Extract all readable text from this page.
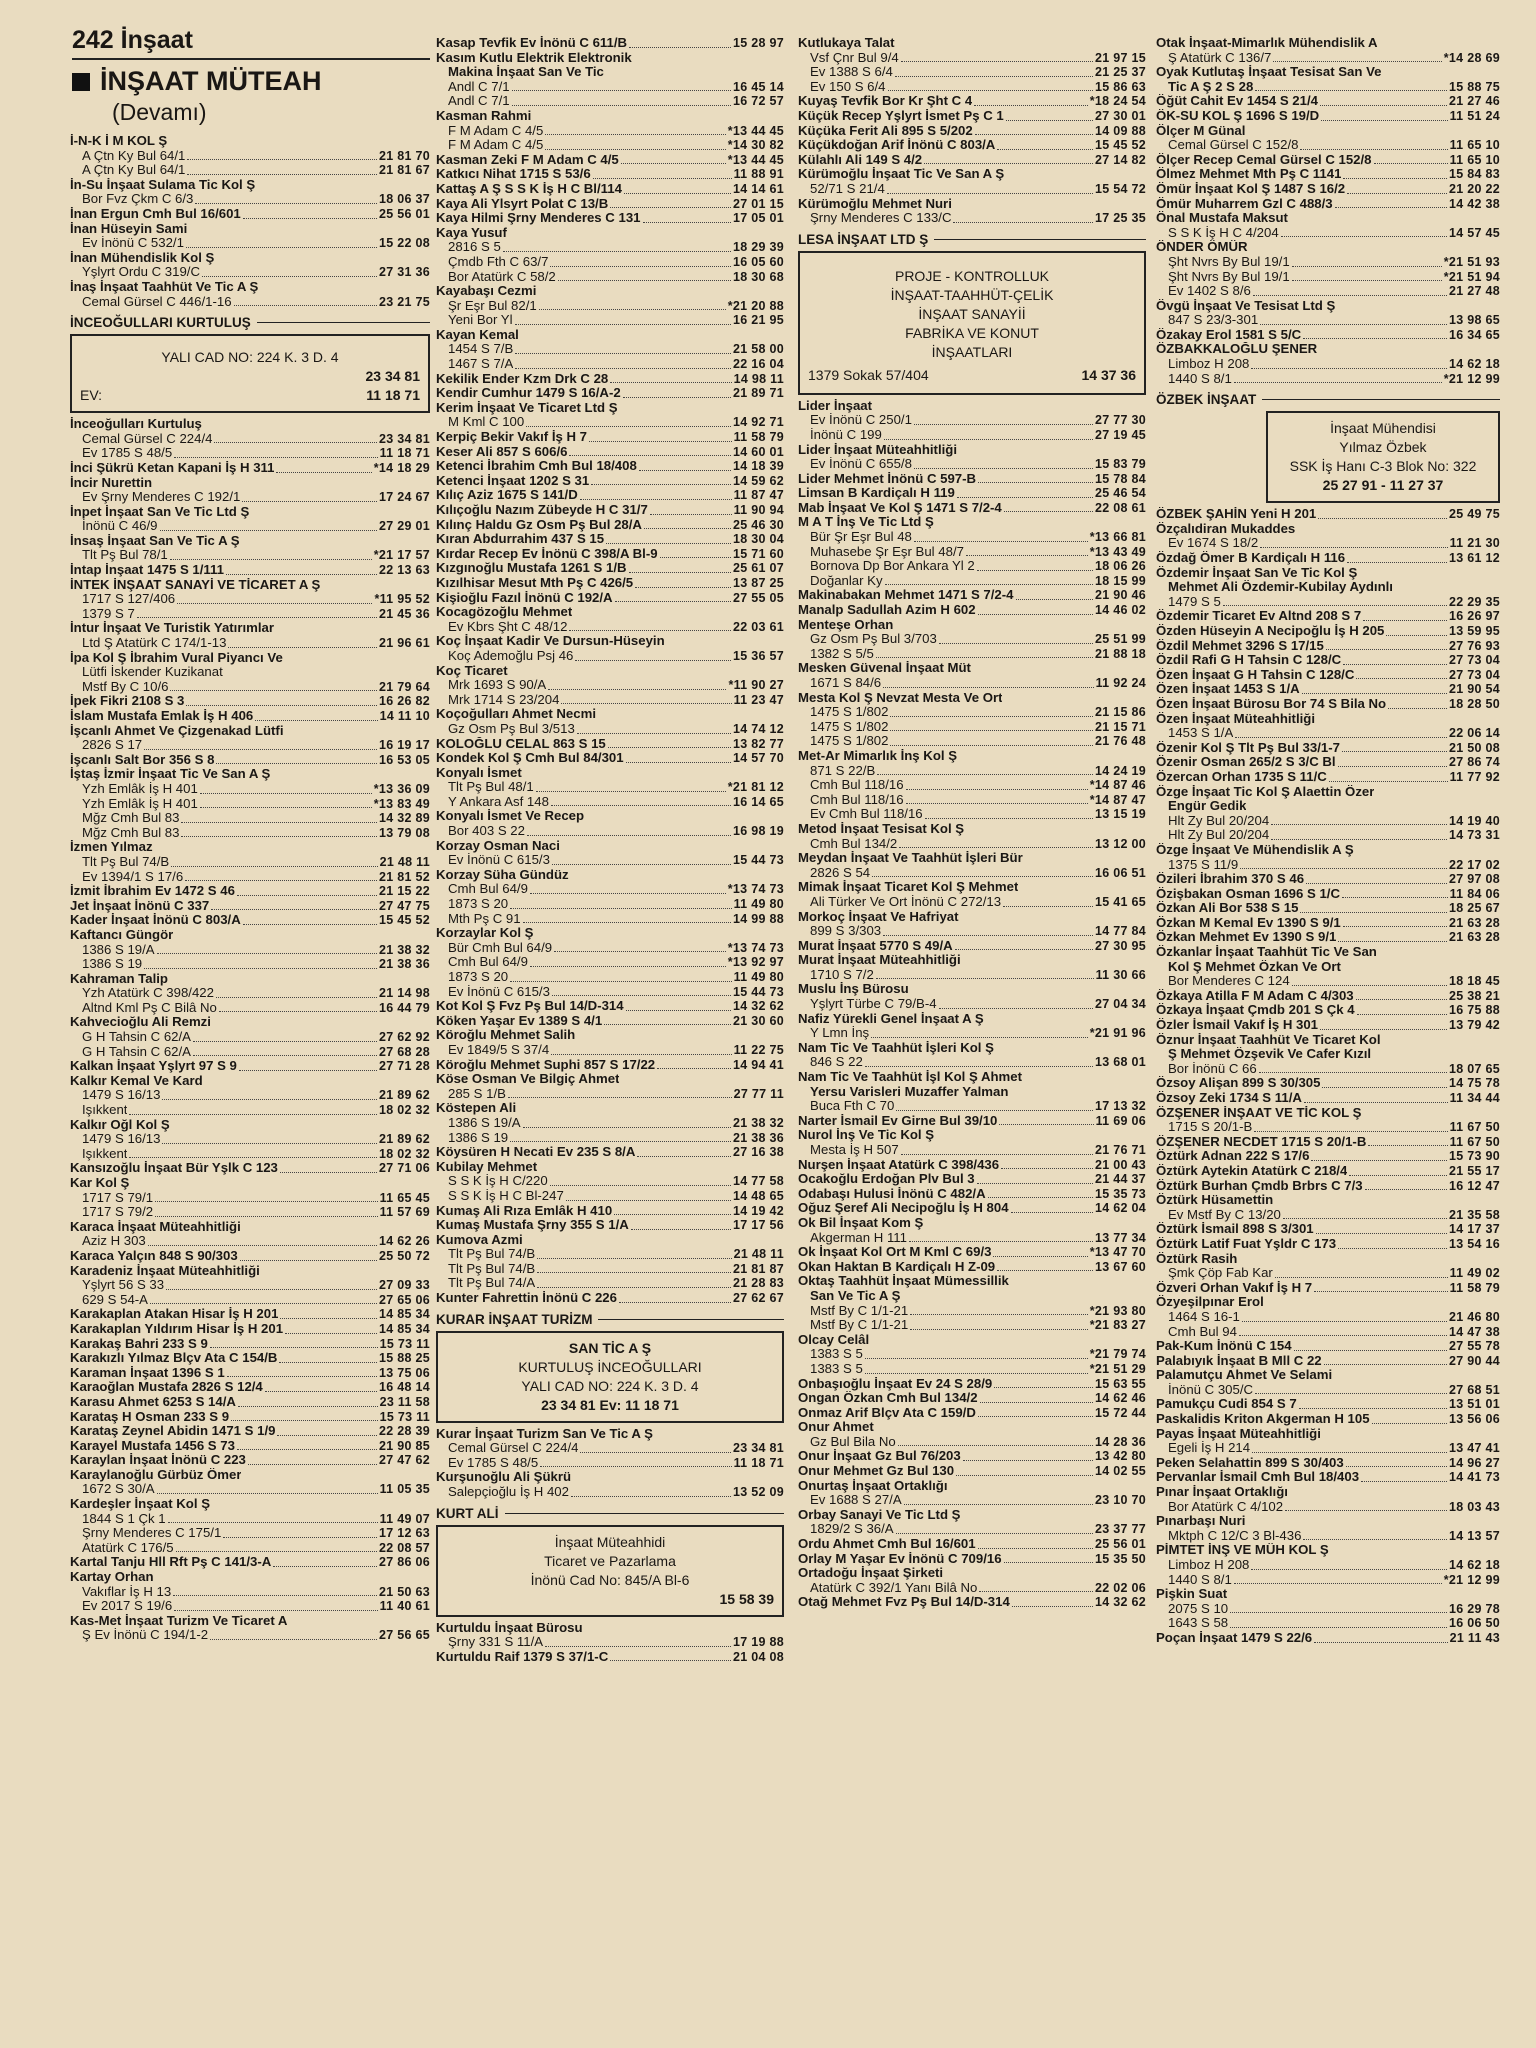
242 İnşaat
İNŞAAT MÜTEAH
(Devamı)
İ-N-K İ M KOL Ş
A Çtn Ky Bul 64/1	21 81 70
A Çtn Ky Bul 64/1	21 81 67
İn-Su İnşaat Sulama Tic Kol Ş
Bor Fvz Çkm C 6/3	18 06 37
İnan Ergun Cmh Bul 16/601	25 56 01
İnan Hüseyin Sami
Ev İnönü C 532/1	15 22 08
İnan Mühendislik Kol Ş
Yşlyrt Ordu C 319/C	27 31 36
İnaş İnşaat Taahhüt Ve Tic A Ş
Cemal Gürsel C 446/1-16	23 21 75
İNCEOĞULLARI KURTULUŞ
YALI CAD NO: 224 K. 3 D. 4
23 34 81
EV:	11 18 71
İnceoğulları Kurtuluş
Cemal Gürsel C 224/4	23 34 81
Ev 1785 S 48/5	11 18 71
İnci Şükrü Ketan Kapani İş H 311	*14 18 29
İncir Nurettin
Ev Şrny Menderes C 192/1	17 24 67
İnpet İnşaat San Ve Tic Ltd Ş
İnönü C 46/9	27 29 01
İnsaş İnşaat San Ve Tic A Ş
Tlt Pş Bul 78/1	*21 17 57
İntap İnşaat 1475 S 1/111	22 13 63
İNTEK İNŞAAT SANAYİ VE TİCARET A Ş
1717 S 127/406	*11 95 52
1379 S 7	21 45 36
İntur İnşaat Ve Turistik Yatırımlar
Ltd Ş Atatürk C 174/1-13	21 96 61
İpa Kol Ş İbrahim Vural Piyancı Ve
Lütfi İskender Kuzikanat
Mstf By C 10/6	21 79 64
İpek Fikri 2108 S 3	16 26 82
İslam Mustafa Emlak İş H 406	14 11 10
İşcanlı Ahmet Ve Çizgenakad Lütfi
2826 S 17	16 19 17
İşcanlı Salt Bor 356 S 8	16 53 05
İştaş İzmir İnşaat Tic Ve San A Ş
Yzh Emlâk İş H 401	*13 36 09
Yzh Emlâk İş H 401	*13 83 49
Mğz Cmh Bul 83	14 32 89
Mğz Cmh Bul 83	13 79 08
İzmen Yılmaz
Tlt Pş Bul 74/B	21 48 11
Ev 1394/1 S 17/6	21 81 52
İzmit İbrahim Ev 1472 S 46	21 15 22
Jet İnşaat İnönü C 337	27 47 75
Kader İnşaat İnönü C 803/A	15 45 52
Kaftancı Güngör
1386 S 19/A	21 38 32
1386 S 19	21 38 36
Kahraman Talip
Yzh Atatürk C 398/422	21 14 98
Altnd Kml Pş C Bilâ No	16 44 79
Kahvecioğlu Ali Remzi
G H Tahsin C 62/A	27 62 92
G H Tahsin C 62/A	27 68 28
Kalkan İnşaat Yşlyrt 97 S 9	27 71 28
Kalkır Kemal Ve Kard
1479 S 16/13	21 89 62
Işıkkent	18 02 32
Kalkır Oğl Kol Ş
1479 S 16/13	21 89 62
Işıkkent	18 02 32
Kansızoğlu İnşaat Bür Yşlk C 123	27 71 06
Kar Kol Ş
1717 S 79/1	11 65 45
1717 S 79/2	11 57 69
Karaca İnşaat Müteahhitliği
Aziz H 303	14 62 26
Karaca Yalçın 848 S 90/303	25 50 72
Karadeniz İnşaat Müteahhitliği
Yşlyrt 56 S 33	27 09 33
629 S 54-A	27 65 06
Karakaplan Atakan Hisar İş H 201	14 85 34
Karakaplan Yıldırım Hisar İş H 201	14 85 34
Karakaş Bahri 233 S 9	15 73 11
Karakızlı Yılmaz Blçv Ata C 154/B	15 88 25
Karaman İnşaat 1396 S 1	13 75 06
Karaoğlan Mustafa 2826 S 12/4	16 48 14
Karasu Ahmet 6253 S 14/A	23 11 58
Karataş H Osman 233 S 9	15 73 11
Karataş Zeynel Abidin 1471 S 1/9	22 28 39
Karayel Mustafa 1456 S 73	21 90 85
Karaylan İnşaat İnönü C 223	27 47 62
Karaylanoğlu Gürbüz Ömer
1672 S 30/A	11 05 35
Kardeşler İnşaat Kol Ş
1844 S 1 Çk 1	11 49 07
Şrny Menderes C 175/1	17 12 63
Atatürk C 176/5	22 08 57
Kartal Tanju Hll Rft Pş C 141/3-A	27 86 06
Kartay Orhan
Vakıflar İş H 13	21 50 63
Ev 2017 S 19/6	11 40 61
Kas-Met İnşaat Turizm Ve Ticaret A
Ş Ev İnönü C 194/1-2	27 56 65
Kasap Tevfik Ev İnönü C 611/B	15 28 97
Kasım Kutlu Elektrik Elektronik
Makina İnşaat San Ve Tic
Andl C 7/1	16 45 14
Andl C 7/1	16 72 57
Kasman Rahmi
F M Adam C 4/5	*13 44 45
F M Adam C 4/5	*14 30 82
Kasman Zeki F M Adam C 4/5	*13 44 45
Katkıcı Nihat 1715 S 53/6	11 88 91
Kattaş A Ş S S K İş H C Bl/114	14 14 61
Kaya Ali Ylsyrt Polat C 13/B	27 01 15
Kaya Hilmi Şrny Menderes C 131	17 05 01
Kaya Yusuf
2816 S 5	18 29 39
Çmdb Fth C 63/7	16 05 60
Bor Atatürk C 58/2	18 30 68
Kayabaşı Cezmi
Şr Eşr Bul 82/1	*21 20 88
Yeni Bor Yl	16 21 95
Kayan Kemal
1454 S 7/B	21 58 00
1467 S 7/A	22 16 04
Kekilik Ender Kzm Drk C 28	14 98 11
Kendir Cumhur 1479 S 16/A-2	21 89 71
Kerim İnşaat Ve Ticaret Ltd Ş
M Kml C 100	14 92 71
Kerpiç Bekir Vakıf İş H 7	11 58 79
Keser Ali 857 S 606/6	14 60 01
Ketenci İbrahim Cmh Bul 18/408	14 18 39
Ketenci İnşaat 1202 S 31	14 59 62
Kılıç Aziz 1675 S 141/D	11 87 47
Kılıçoğlu Nazım Zübeyde H C 31/7	11 90 94
Kılınç Haldu Gz Osm Pş Bul 28/A	25 46 30
Kıran Abdurrahim 437 S 15	18 30 04
Kırdar Recep Ev İnönü C 398/A Bl-9	15 71 60
Kızgınoğlu Mustafa 1261 S 1/B	25 61 07
Kızılhisar Mesut Mth Pş C 426/5	13 87 25
Kişioğlu Fazıl İnönü C 192/A	27 55 05
Kocagözoğlu Mehmet
Ev Kbrs Şht C 48/12	22 03 61
Koç İnşaat Kadir Ve Dursun-Hüseyin
Koç Ademoğlu Psj 46	15 36 57
Koç Ticaret
Mrk 1693 S 90/A	*11 90 27
Mrk 1714 S 23/204	11 23 47
Koçoğulları Ahmet Necmi
Gz Osm Pş Bul 3/513	14 74 12
KOLOĞLU CELAL 863 S 15	13 82 77
Kondek Kol Ş Cmh Bul 84/301	14 57 70
Konyalı İsmet
Tlt Pş Bul 48/1	*21 81 12
Y Ankara Asf 148	16 14 65
Konyalı İsmet Ve Recep
Bor 403 S 22	16 98 19
Korzay Osman Naci
Ev İnönü C 615/3	15 44 73
Korzay Süha Gündüz
Cmh Bul 64/9	*13 74 73
1873 S 20	11 49 80
Mth Pş C 91	14 99 88
Korzaylar Kol Ş
Bür Cmh Bul 64/9	*13 74 73
Cmh Bul 64/9	*13 92 97
1873 S 20	11 49 80
Ev İnönü C 615/3	15 44 73
Kot Kol Ş Fvz Pş Bul 14/D-314	14 32 62
Köken Yaşar Ev 1389 S 4/1	21 30 60
Köroğlu Mehmet Salih
Ev 1849/5 S 37/4	11 22 75
Köroğlu Mehmet Suphi 857 S 17/22	14 94 41
Köse Osman Ve Bilgiç Ahmet
285 S 1/B	27 77 11
Köstepen Ali
1386 S 19/A	21 38 32
1386 S 19	21 38 36
Köysüren H Necati Ev 235 S 8/A	27 16 38
Kubilay Mehmet
S S K İş H C/220	14 77 58
S S K İş H C Bl-247	14 48 65
Kumaş Ali Rıza Emlâk H 410	14 19 42
Kumaş Mustafa Şrny 355 S 1/A	17 17 56
Kumova Azmi
Tlt Pş Bul 74/B	21 48 11
Tlt Pş Bul 74/B	21 81 87
Tlt Pş Bul 74/A	21 28 83
Kunter Fahrettin İnönü C 226	27 62 67
KURAR İNŞAAT TURİZM
SAN TİC A Ş
KURTULUŞ İNCEOĞULLARI
YALI CAD NO: 224 K. 3 D. 4
23 34 81 Ev: 11 18 71
Kurar İnşaat Turizm San Ve Tic A Ş
Cemal Gürsel C 224/4	23 34 81
Ev 1785 S 48/5	11 18 71
Kurşunoğlu Ali Şükrü
Salepçioğlu İş H 402	13 52 09
KURT ALİ
İnşaat Müteahhidi
Ticaret ve Pazarlama
İnönü Cad No: 845/A Bl-6
15 58 39
Kurtuldu İnşaat Bürosu
Şrny 331 S 11/A	17 19 88
Kurtuldu Raif 1379 S 37/1-C	21 04 08
Kutlukaya Talat
Vsf Çnr Bul 9/4	21 97 15
Ev 1388 S 6/4	21 25 37
Ev 150 S 6/4	15 86 63
Kuyaş Tevfik Bor Kr Şht C 4	*18 24 54
Küçük Recep Yşlyrt İsmet Pş C 1	27 30 01
Küçüka Ferit Ali 895 S 5/202	14 09 88
Küçükdoğan Arif İnönü C 803/A	15 45 52
Külahlı Ali 149 S 4/2	27 14 82
Kürümoğlu İnşaat Tic Ve San A Ş
52/71 S 21/4	15 54 72
Kürümoğlu Mehmet Nuri
Şrny Menderes C 133/C	17 25 35
LESA İNŞAAT LTD Ş
PROJE - KONTROLLUK
İNŞAAT-TAAHHÜT-ÇELİK
İNŞAAT SANAYİİ
FABRİKA VE KONUT
İNŞAATLARI
1379 Sokak 57/404	14 37 36
Lider İnşaat
Ev İnönü C 250/1	27 77 30
İnönü C 199	27 19 45
Lider İnşaat Müteahhitliği
Ev İnönü C 655/8	15 83 79
Lider Mehmet İnönü C 597-B	15 78 84
Limsan B Kardiçalı H 119	25 46 54
Mab İnşaat Ve Kol Ş 1471 S 7/2-4	22 08 61
M A T İnş Ve Tic Ltd Ş
Bür Şr Eşr Bul 48	*13 66 81
Muhasebe Şr Eşr Bul 48/7	*13 43 49
Bornova Dp Bor Ankara Yl 2	18 06 26
Doğanlar Ky	18 15 99
Makinabakan Mehmet 1471 S 7/2-4	21 90 46
Manalp Sadullah Azim H 602	14 46 02
Menteşe Orhan
Gz Osm Pş Bul 3/703	25 51 99
1382 S 5/5	21 88 18
Mesken Güvenal İnşaat Müt
1671 S 84/6	11 92 24
Mesta Kol Ş Nevzat Mesta Ve Ort
1475 S 1/802	21 15 86
1475 S 1/802	21 15 71
1475 S 1/802	21 76 48
Met-Ar Mimarlık İnş Kol Ş
871 S 22/B	14 24 19
Cmh Bul 118/16	*14 87 46
Cmh Bul 118/16	*14 87 47
Ev Cmh Bul 118/16	13 15 19
Metod İnşaat Tesisat Kol Ş
Cmh Bul 134/2	13 12 00
Meydan İnşaat Ve Taahhüt İşleri Bür
2826 S 54	16 06 51
Mimak İnşaat Ticaret Kol Ş Mehmet
Ali Türker Ve Ort İnönü C 272/13	15 41 65
Morkoç İnşaat Ve Hafriyat
899 S 3/303	14 77 84
Murat İnşaat 5770 S 49/A	27 30 95
Murat İnşaat Müteahhitliği
1710 S 7/2	11 30 66
Muslu İnş Bürosu
Yşlyrt Türbe C 79/B-4	27 04 34
Nafiz Yürekli Genel İnşaat A Ş
Y Lmn İnş	*21 91 96
Nam Tic Ve Taahhüt İşleri Kol Ş
846 S 22	13 68 01
Nam Tic Ve Taahhüt İşl Kol Ş Ahmet
Yersu Varisleri Muzaffer Yalman
Buca Fth C 70	17 13 32
Narter İsmail Ev Girne Bul 39/10	11 69 06
Nurol İnş Ve Tic Kol Ş
Mesta İş H 507	21 76 71
Nurşen İnşaat Atatürk C 398/436	21 00 43
Ocakoğlu Erdoğan Plv Bul 3	21 44 37
Odabaşı Hulusi İnönü C 482/A	15 35 73
Oğuz Şeref Ali Necipoğlu İş H 804	14 62 04
Ok Bil İnşaat Kom Ş
Akgerman H 111	13 77 34
Ok İnşaat Kol Ort M Kml C 69/3	*13 47 70
Okan Haktan B Kardiçalı H Z-09	13 67 60
Oktaş Taahhüt İnşaat Mümessillik
San Ve Tic A Ş
Mstf By C 1/1-21	*21 93 80
Mstf By C 1/1-21	*21 83 27
Olcay Celâl
1383 S 5	*21 79 74
1383 S 5	*21 51 29
Onbaşıoğlu İnşaat Ev 24 S 28/9	15 63 55
Ongan Özkan Cmh Bul 134/2	14 62 46
Onmaz Arif Blçv Ata C 159/D	15 72 44
Onur Ahmet
Gz Bul Bila No	14 28 36
Onur İnşaat Gz Bul 76/203	13 42 80
Onur Mehmet Gz Bul 130	14 02 55
Onurtaş İnşaat Ortaklığı
Ev 1688 S 27/A	23 10 70
Orbay Sanayi Ve Tic Ltd Ş
1829/2 S 36/A	23 37 77
Ordu Ahmet Cmh Bul 16/601	25 56 01
Orlay M Yaşar Ev İnönü C 709/16	15 35 50
Ortadoğu İnşaat Şirketi
Atatürk C 392/1 Yanı Bilâ No	22 02 06
Otağ Mehmet Fvz Pş Bul 14/D-314	14 32 62
Otak İnşaat-Mimarlık Mühendislik A
Ş Atatürk C 136/7	*14 28 69
Oyak Kutlutaş İnşaat Tesisat San Ve
Tic A Ş 2 S 28	15 88 75
Öğüt Cahit Ev 1454 S 21/4	21 27 46
ÖK-SU KOL Ş 1696 S 19/D	11 51 24
Ölçer M Günal
Cemal Gürsel C 152/8	11 65 10
Ölçer Recep Cemal Gürsel C 152/8	11 65 10
Ölmez Mehmet Mth Pş C 1141	15 84 83
Ömür İnşaat Kol Ş 1487 S 16/2	21 20 22
Ömür Muharrem Gzl C 488/3	14 42 38
Önal Mustafa Maksut
S S K İş H C 4/204	14 57 45
ÖNDER ÖMÜR
Şht Nvrs By Bul 19/1	*21 51 93
Şht Nvrs By Bul 19/1	*21 51 94
Ev 1402 S 8/6	21 27 48
Övgü İnşaat Ve Tesisat Ltd Ş
847 S 23/3-301	13 98 65
Özakay Erol 1581 S 5/C	16 34 65
ÖZBAKKALOĞLU ŞENER
Limboz H 208	14 62 18
1440 S 8/1	*21 12 99
ÖZBEK İNŞAAT
İnşaat Mühendisi
Yılmaz Özbek
SSK İş Hanı C-3 Blok No: 322
25 27 91 - 11 27 37
ÖZBEK ŞAHİN Yeni H 201	25 49 75
Özçalıdiran Mukaddes
Ev 1674 S 18/2	11 21 30
Özdağ Ömer B Kardiçalı H 116	13 61 12
Özdemir İnşaat San Ve Tic Kol Ş
Mehmet Ali Özdemir-Kubilay Aydınlı
1479 S 5	22 29 35
Özdemir Ticaret Ev Altnd 208 S 7	16 26 97
Özden Hüseyin A Necipoğlu İş H 205	13 59 95
Özdil Mehmet 3296 S 17/15	27 76 93
Özdil Rafi G H Tahsin C 128/C	27 73 04
Özen İnşaat G H Tahsin C 128/C	27 73 04
Özen İnşaat 1453 S 1/A	21 90 54
Özen İnşaat Bürosu Bor 74 S Bila No	18 28 50
Özen İnşaat Müteahhitliği
1453 S 1/A	22 06 14
Özenir Kol Ş Tlt Pş Bul 33/1-7	21 50 08
Özenir Osman 265/2 S 3/C Bl	27 86 74
Özercan Orhan 1735 S 11/C	11 77 92
Özge İnşaat Tic Kol Ş Alaettin Özer
Engür Gedik
Hlt Zy Bul 20/204	14 19 40
Hlt Zy Bul 20/204	14 73 31
Özge İnşaat Ve Mühendislik A Ş
1375 S 11/9	22 17 02
Özileri İbrahim 370 S 46	27 97 08
Özişbakan Osman 1696 S 1/C	11 84 06
Özkan Ali Bor 538 S 15	18 25 67
Özkan M Kemal Ev 1390 S 9/1	21 63 28
Özkan Mehmet Ev 1390 S 9/1	21 63 28
Özkanlar İnşaat Taahhüt Tic Ve San
Kol Ş Mehmet Özkan Ve Ort
Bor Menderes C 124	18 18 45
Özkaya Atilla F M Adam C 4/303	25 38 21
Özkaya İnşaat Çmdb 201 S Çk 4	16 75 88
Özler İsmail Vakıf İş H 301	13 79 42
Öznur İnşaat Taahhüt Ve Ticaret Kol
Ş Mehmet Özşevik Ve Cafer Kızıl
Bor İnönü C 66	18 07 65
Özsoy Alişan 899 S 30/305	14 75 78
Özsoy Zeki 1734 S 11/A	11 34 44
ÖZŞENER İNŞAAT VE TİC KOL Ş
1715 S 20/1-B	11 67 50
ÖZŞENER NECDET 1715 S 20/1-B	11 67 50
Öztürk Adnan 222 S 17/6	15 73 90
Öztürk Aytekin Atatürk C 218/4	21 55 17
Öztürk Burhan Çmdb Brbrs C 7/3	16 12 47
Öztürk Hüsamettin
Ev Mstf By C 13/20	21 35 58
Öztürk İsmail 898 S 3/301	14 17 37
Öztürk Latif Fuat Yşldr C 173	13 54 16
Öztürk Rasih
Şmk Çöp Fab Kar	11 49 02
Özveri Orhan Vakıf İş H 7	11 58 79
Özyeşilpınar Erol
1464 S 16-1	21 46 80
Cmh Bul 94	14 47 38
Pak-Kum İnönü C 154	27 55 78
Palabıyık İnşaat B Mll C 22	27 90 44
Palamutçu Ahmet Ve Selami
İnönü C 305/C	27 68 51
Pamukçu Cudi 854 S 7	13 51 01
Paskalidis Kriton Akgerman H 105	13 56 06
Payas İnşaat Müteahhitliği
Egeli İş H 214	13 47 41
Peken Selahattin 899 S 30/403	14 96 27
Pervanlar İsmail Cmh Bul 18/403	14 41 73
Pınar İnşaat Ortaklığı
Bor Atatürk C 4/102	18 03 43
Pınarbaşı Nuri
Mktph C 12/C 3 Bl-436	14 13 57
PİMTET İNŞ VE MÜH KOL Ş
Limboz H 208	14 62 18
1440 S 8/1	*21 12 99
Pişkin Suat
2075 S 10	16 29 78
1643 S 58	16 06 50
Poçan İnşaat 1479 S 22/6	21 11 43
